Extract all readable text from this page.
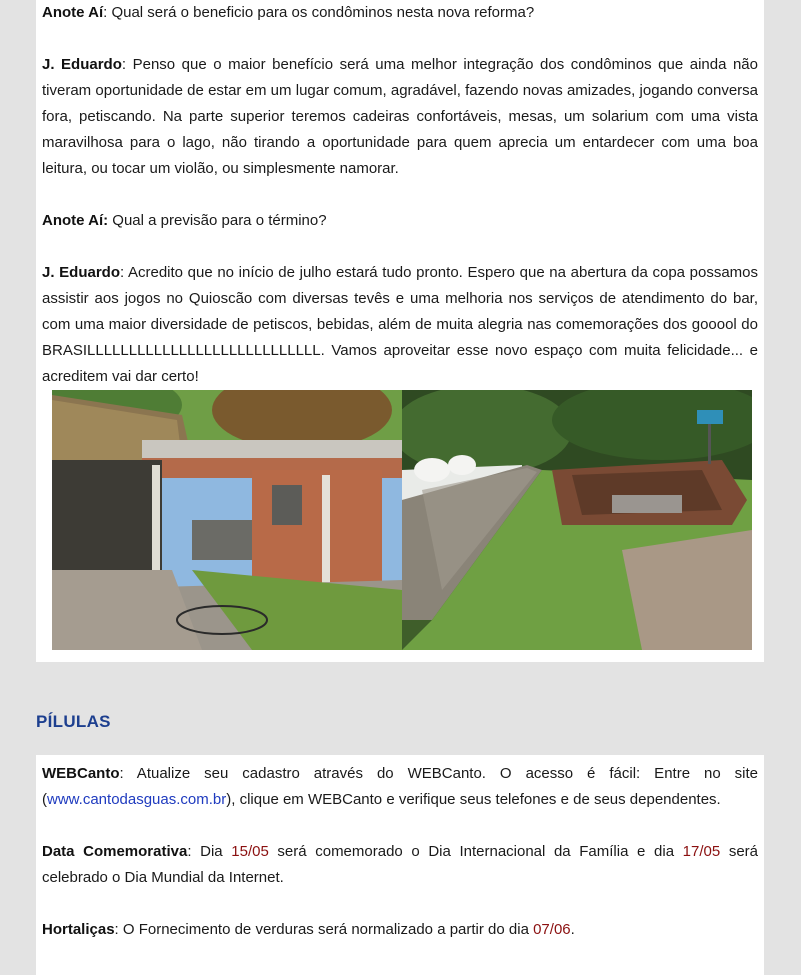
Anote Aí: Qual será o beneficio para os condôminos nesta nova reforma?

J. Eduardo: Penso que o maior benefício será uma melhor integração dos condôminos que ainda não tiveram oportunidade de estar em um lugar comum, agradável, fazendo novas amizades, jogando conversa fora, petiscando. Na parte superior teremos cadeiras confortáveis, mesas, um solarium com uma vista maravilhosa para o lago, não tirando a oportunidade para quem aprecia um entardecer com uma boa leitura, ou tocar um violão, ou simplesmente namorar.

Anote Aí: Qual a previsão para o término?

J. Eduardo: Acredito que no início de julho estará tudo pronto. Espero que na abertura da copa possamos assistir aos jogos no Quioscão com diversas tevês e uma melhoria nos serviços de atendimento do bar, com uma maior diversidade de petiscos, bebidas, além de muita alegria nas comemorações dos gooool do BRASILLLLLLLLLLLLLLLLLLLLLLLLLLLL. Vamos aproveitar esse novo espaço com muita felicidade... e acreditem vai dar certo!

PÍLULAS

WEBCanto: Atualize seu cadastro através do WEBCanto. O acesso é fácil: Entre no site (www.cantodasguas.com.br), clique em WEBCanto e verifique seus telefones e de seus dependentes.

Data Comemorativa: Dia 15/05 será comemorado o Dia Internacional da Família e dia 17/05 será celebrado o Dia Mundial da Internet.

Hortaliças: O Fornecimento de verduras será normalizado a partir do dia 07/06.
